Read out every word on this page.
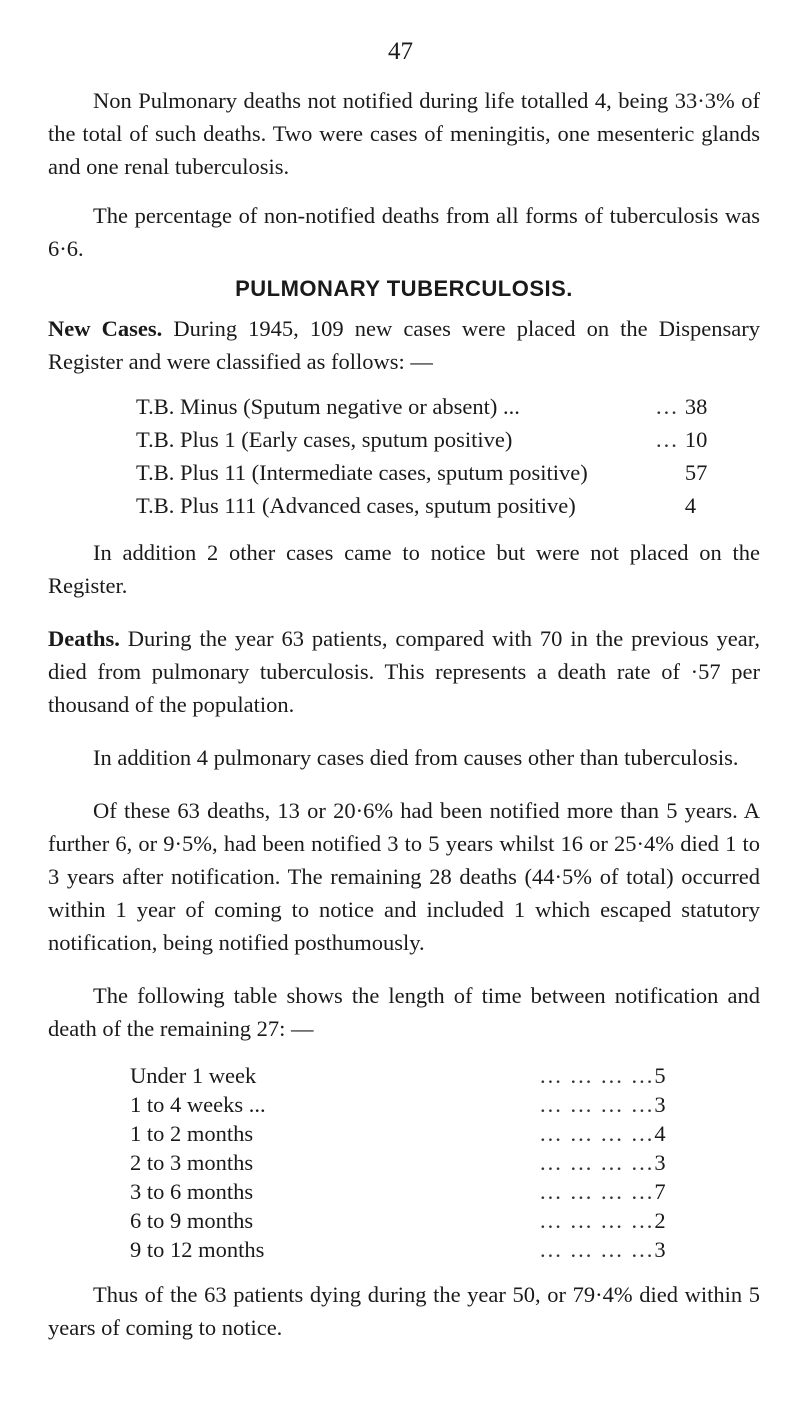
47

Non Pulmonary deaths not notified during life totalled 4, being 33·3% of the total of such deaths. Two were cases of meningitis, one mesenteric glands and one renal tuberculosis.

The percentage of non-notified deaths from all forms of tuberculosis was 6·6.

PULMONARY TUBERCULOSIS.

New Cases. During 1945, 109 new cases were placed on the Dispensary Register and were classified as follows: —

T.B. Minus (Sputum negative or absent) ...	...	38
T.B. Plus 1 (Early cases, sputum positive)	...	10
T.B. Plus 11 (Intermediate cases, sputum positive)		57
T.B. Plus 111 (Advanced cases, sputum positive)		4

In addition 2 other cases came to notice but were not placed on the Register.

Deaths. During the year 63 patients, compared with 70 in the previous year, died from pulmonary tuberculosis. This represents a death rate of ·57 per thousand of the population.

In addition 4 pulmonary cases died from causes other than tuberculosis.

Of these 63 deaths, 13 or 20·6% had been notified more than 5 years. A further 6, or 9·5%, had been notified 3 to 5 years whilst 16 or 25·4% died 1 to 3 years after notification. The remaining 28 deaths (44·5% of total) occurred within 1 year of coming to notice and included 1 which escaped statutory notification, being notified posthumously.

The following table shows the length of time between notification and death of the remaining 27: —

Under 1 week	... ... ... ...	5
1 to 4 weeks ...	... ... ... ...	3
1 to 2 months	... ... ... ...	4
2 to 3 months	... ... ... ...	3
3 to 6 months	... ... ... ...	7
6 to 9 months	... ... ... ...	2
9 to 12 months	... ... ... ...	3

Thus of the 63 patients dying during the year 50, or 79·4% died within 5 years of coming to notice.
